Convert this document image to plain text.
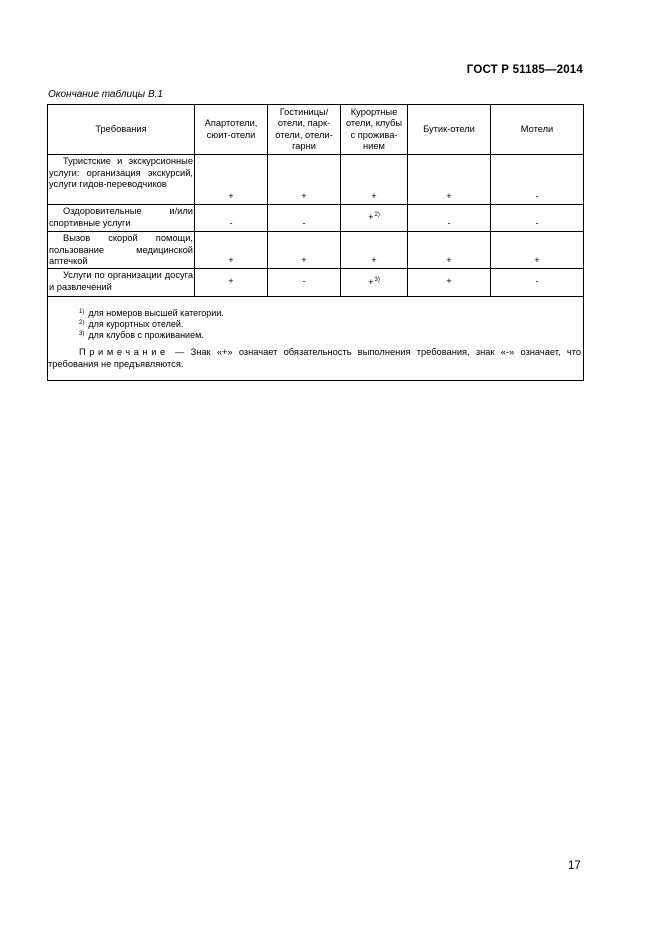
ГОСТ Р 51185—2014
Окончание таблицы В.1
Требования	Апартотели, сюит-отели	Гостиницы/ отели, парк-отели, отели-гарни	Курортные отели, клубы с прожива- нием	Бутик-отели	Мотели
Туристские и экскурсионные услуги: организация экскурсий, услуги гидов-переводчиков	+	+	+	+	-
Оздоровительные и/или спортивные услуги	-	-	+$^{2)}$	-	-
Вызов скорой помощи, пользование медицинской аптечкой	+	+	+	+	+
Услуги по организации досуга и развлечений	+	-	+$^{3)}$	+	-

$^{1)}$ для номеров высшей категории.
$^{2)}$ для курортных отелей.
$^{3)}$ для клубов с проживанием.
Примечание — Знак «+» означает обязательность выполнения требования, знак «-» означает, что требования не предъявляются.					
17
